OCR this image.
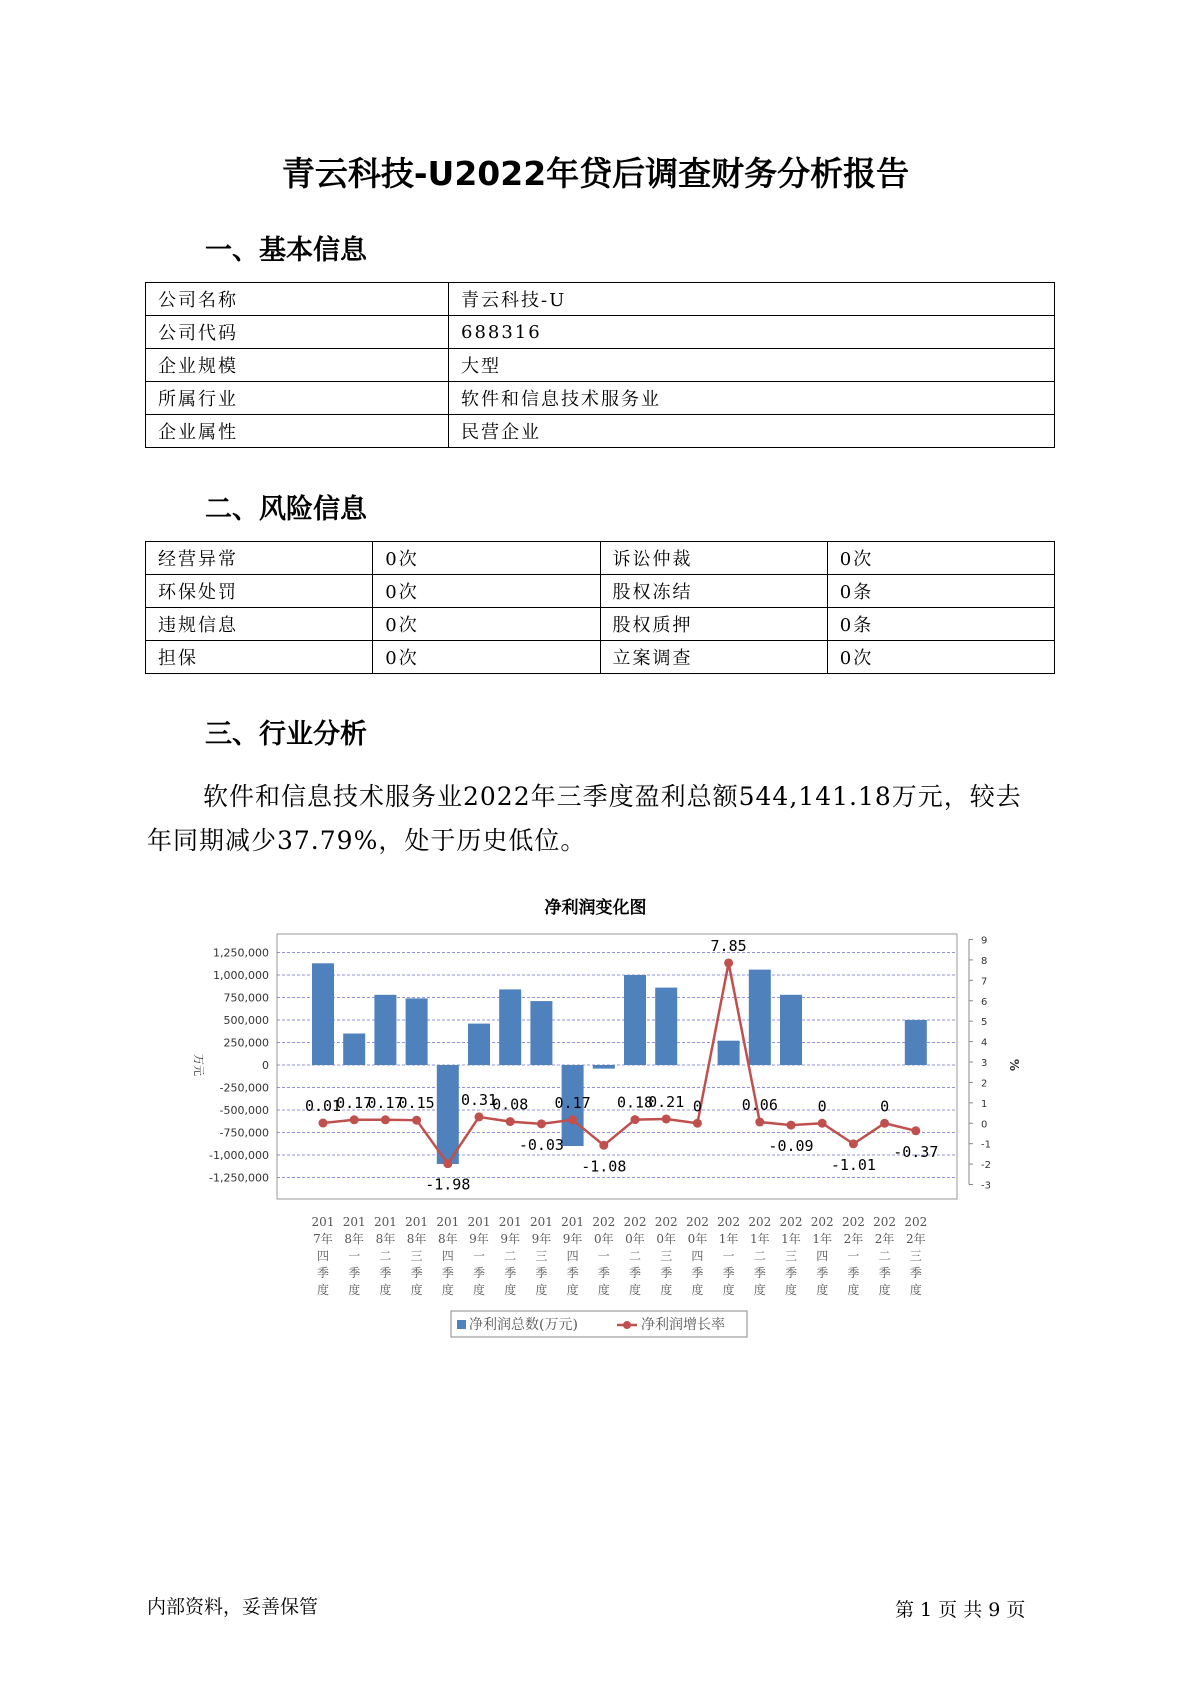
青云科技-U2022年贷后调查财务分析报告
一、基本信息
公司名称	青云科技-U
公司代码	688316
企业规模	大型
所属行业	软件和信息技术服务业
企业属性	民营企业
二、风险信息
经营异常	0次	诉讼仲裁	0次
环保处罚	0次	股权冻结	0条
违规信息	0次	股权质押	0条
担保	0次	立案调查	0次
三、行业分析
软件和信息技术服务业2022年三季度盈利总额544,141.18万元，较去年同期减少37.79%，处于历史低位。
净利润变化图
1,250,000
1,000,000
750,000
500,000
250,000
0
-250,000
-500,000
-750,000
-1,000,000
-1,250,000
9
8
7
6
5
4
3
2
1
0
-1
-2
-3
万元	%
201
7年
四
季
度
201
8年
一
季
度
201
8年
二
季
度
201
8年
三
季
度
201
8年
四
季
度
201
9年
一
季
度
201
9年
二
季
度
201
9年
三
季
度
201
9年
四
季
度
202
0年
一
季
度
202
0年
二
季
度
202
0年
三
季
度
202
0年
四
季
度
202
1年
一
季
度
202
1年
二
季
度
202
1年
三
季
度
202
1年
四
季
度
202
2年
一
季
度
202
2年
二
季
度
202
2年
三
季
度
0.01
0.17
0.17
0.15
-1.98
0.31
0.08
-0.03
0.17
-1.08
0.18
0.21 0
7.85
0.06
-0.09
0
-1.01
0
-0.37
净利润总数(万元)	净利润增长率
内部资料，妥善保管	第 1 页 共 9 页
